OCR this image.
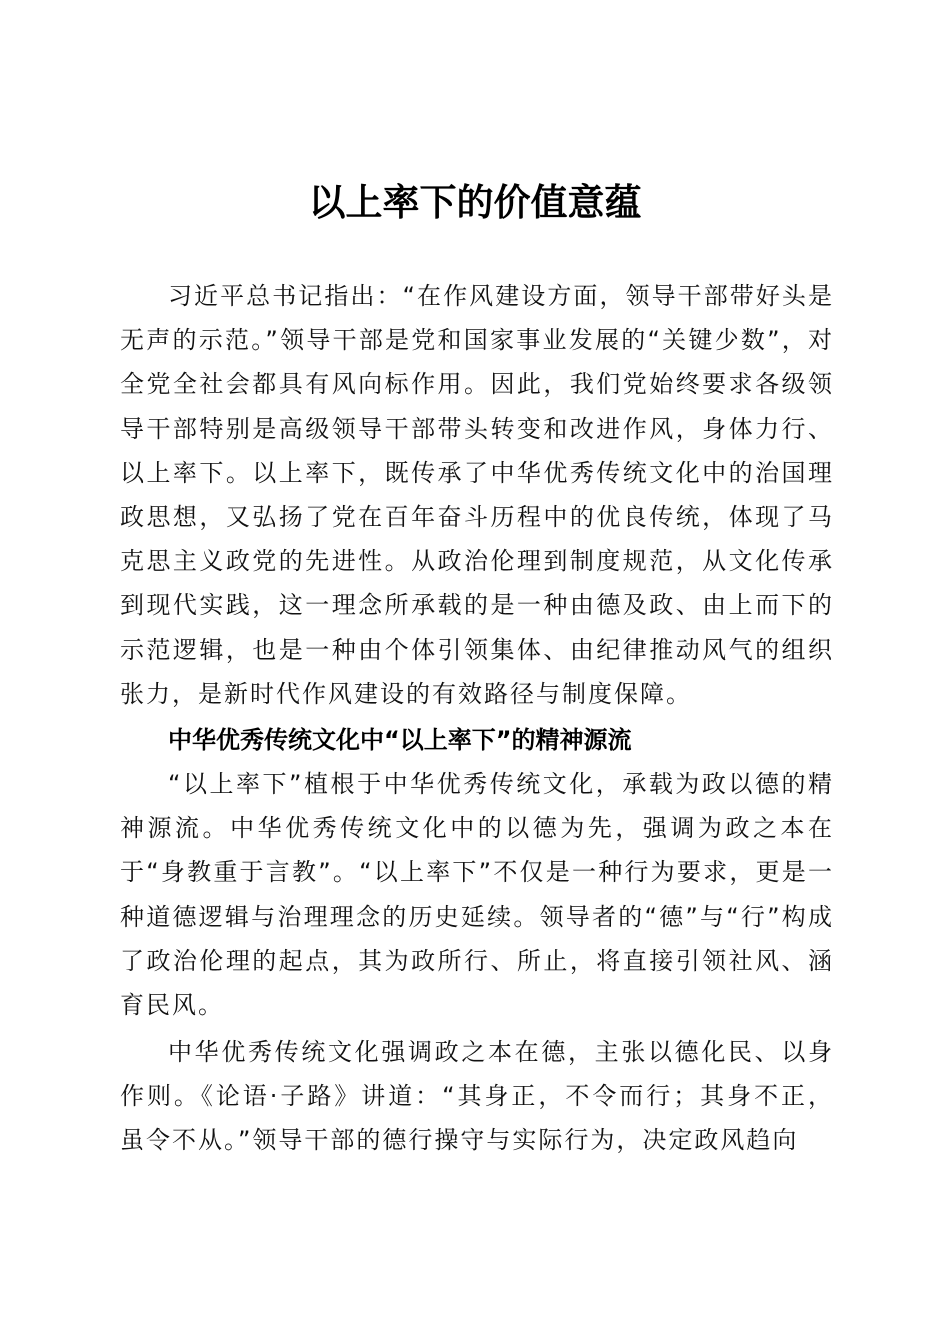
以上率下的价值意蕴

习近平总书记指出：“在作风建设方面，领导干部带好头是无声的示范。”领导干部是党和国家事业发展的“关键少数”，对全党全社会都具有风向标作用。因此，我们党始终要求各级领导干部特别是高级领导干部带头转变和改进作风，身体力行、以上率下。以上率下，既传承了中华优秀传统文化中的治国理政思想，又弘扬了党在百年奋斗历程中的优良传统，体现了马克思主义政党的先进性。从政治伦理到制度规范，从文化传承到现代实践，这一理念所承载的是一种由德及政、由上而下的示范逻辑，也是一种由个体引领集体、由纪律推动风气的组织张力，是新时代作风建设的有效路径与制度保障。

中华优秀传统文化中“以上率下”的精神源流

“以上率下”植根于中华优秀传统文化，承载为政以德的精神源流。中华优秀传统文化中的以德为先，强调为政之本在于“身教重于言教”。“以上率下”不仅是一种行为要求，更是一种道德逻辑与治理理念的历史延续。领导者的“德”与“行”构成了政治伦理的起点，其为政所行、所止，将直接引领社风、涵育民风。

中华优秀传统文化强调政之本在德，主张以德化民、以身作则。《论语·子路》讲道：“其身正，不令而行；其身不正，虽令不从。”领导干部的德行操守与实际行为，决定政风趋向
